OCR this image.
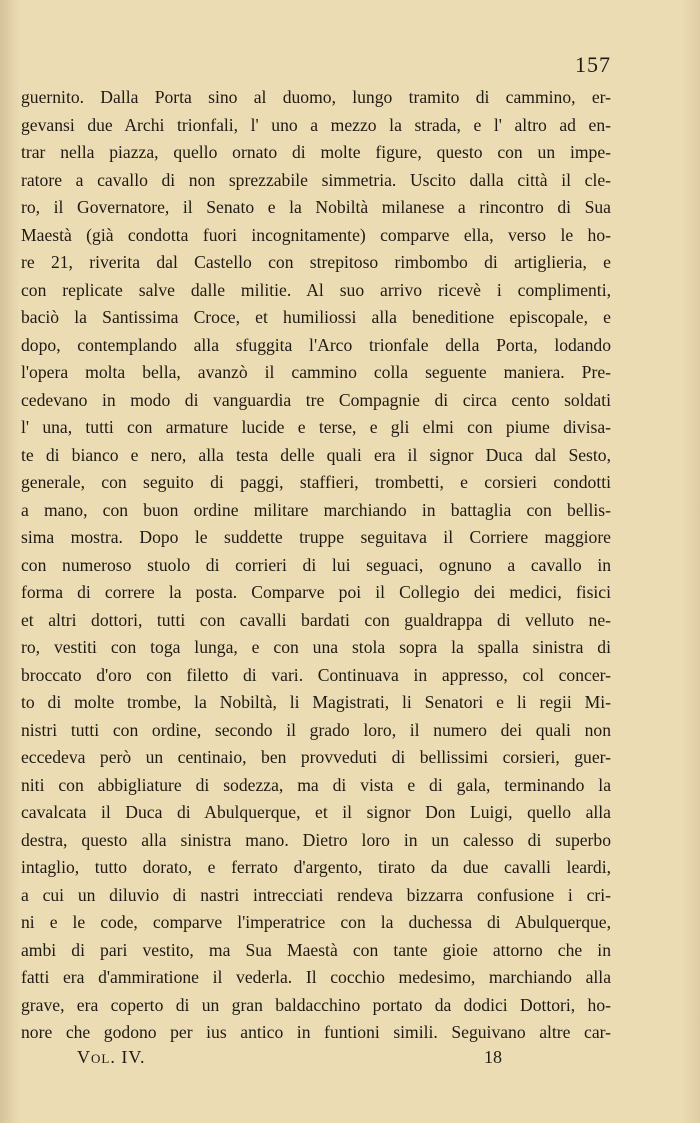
157
guernito. Dalla Porta sino al duomo, lungo tramito di cammino, er-
gevansi due Archi trionfali, l' uno a mezzo la strada, e l' altro ad en-
trar nella piazza, quello ornato di molte figure, questo con un impe-
ratore a cavallo di non sprezzabile simmetria. Uscito dalla città il cle-
ro, il Governatore, il Senato e la Nobiltà milanese a rincontro di Sua
Maestà (già condotta fuori incognitamente) comparve ella, verso le ho-
re 21, riverita dal Castello con strepitoso rimbombo di artiglieria, e
con replicate salve dalle militie. Al suo arrivo ricevè i complimenti,
baciò la Santissima Croce, et humiliossi alla beneditione episcopale, e
dopo, contemplando alla sfuggita l'Arco trionfale della Porta, lodando
l'opera molta bella, avanzò il cammino colla seguente maniera. Pre-
cedevano in modo di vanguardia tre Compagnie di circa cento soldati
l' una, tutti con armature lucide e terse, e gli elmi con piume divisa-
te di bianco e nero, alla testa delle quali era il signor Duca dal Sesto,
generale, con seguito di paggi, staffieri, trombetti, e corsieri condotti
a mano, con buon ordine militare marchiando in battaglia con bellis-
sima mostra. Dopo le suddette truppe seguitava il Corriere maggiore
con numeroso stuolo di corrieri di lui seguaci, ognuno a cavallo in
forma di correre la posta. Comparve poi il Collegio dei medici, fisici
et altri dottori, tutti con cavalli bardati con gualdrappa di velluto ne-
ro, vestiti con toga lunga, e con una stola sopra la spalla sinistra di
broccato d'oro con filetto di vari. Continuava in appresso, col concer-
to di molte trombe, la Nobiltà, li Magistrati, li Senatori e li regii Mi-
nistri tutti con ordine, secondo il grado loro, il numero dei quali non
eccedeva però un centinaio, ben provveduti di bellissimi corsieri, guer-
niti con abbigliature di sodezza, ma di vista e di gala, terminando la
cavalcata il Duca di Abulquerque, et il signor Don Luigi, quello alla
destra, questo alla sinistra mano. Dietro loro in un calesso di superbo
intaglio, tutto dorato, e ferrato d'argento, tirato da due cavalli leardi,
a cui un diluvio di nastri intrecciati rendeva bizzarra confusione i cri-
ni e le code, comparve l'imperatrice con la duchessa di Abulquerque,
ambi di pari vestito, ma Sua Maestà con tante gioie attorno che in
fatti era d'ammiratione il vederla. Il cocchio medesimo, marchiando alla
grave, era coperto di un gran baldacchino portato da dodici Dottori, ho-
nore che godono per ius antico in funtioni simili. Seguivano altre car-
Vol. IV.	18
